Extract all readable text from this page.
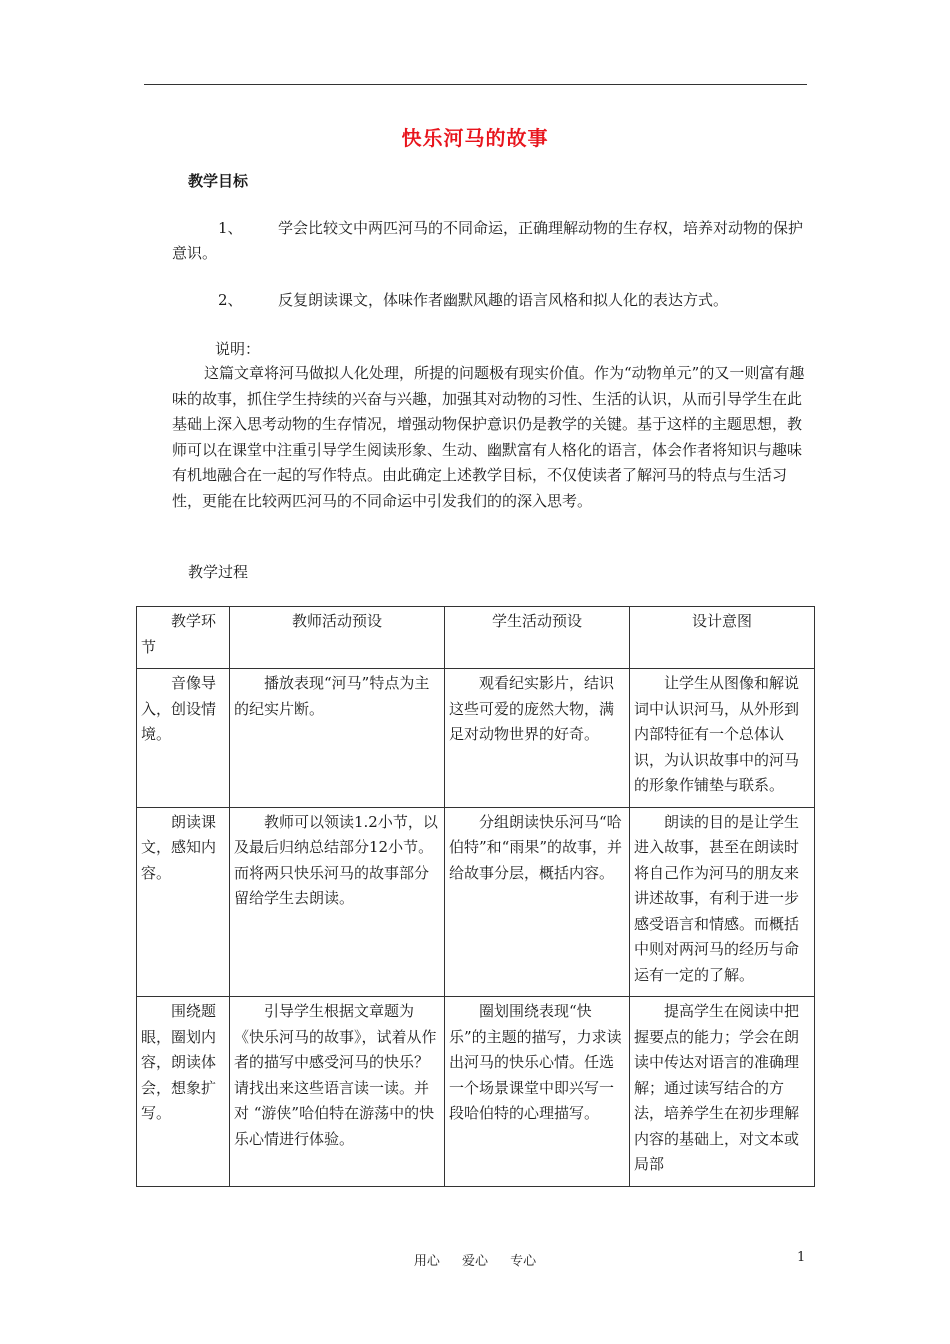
快乐河马的故事
教学目标

1、 学会比较文中两匹河马的不同命运，正确理解动物的生存权，培养对动物的保护意识。

2、 反复朗读课文，体味作者幽默风趣的语言风格和拟人化的表达方式。

说明：

这篇文章将河马做拟人化处理，所提的问题极有现实价值。作为“动物单元”的又一则富有趣味的故事，抓住学生持续的兴奋与兴趣，加强其对动物的习性、生活的认识，从而引导学生在此基础上深入思考动物的生存情况，增强动物保护意识仍是教学的关键。基于这样的主题思想，教师可以在课堂中注重引导学生阅读形象、生动、幽默富有人格化的语言，体会作者将知识与趣味有机地融合在一起的写作特点。由此确定上述教学目标，不仅使读者了解河马的特点与生活习性，更能在比较两匹河马的不同命运中引发我们的的深入思考。

教学过程
教学环节	教师活动预设	学生活动预设	设计意图
音像导入，创设情境。	播放表现“河马”特点为主的纪实片断。	观看纪实影片，结识这些可爱的庞然大物，满足对动物世界的好奇。	让学生从图像和解说词中认识河马，从外形到内部特征有一个总体认识，为认识故事中的河马的形象作铺垫与联系。
朗读课文，感知内容。	教师可以领读1.2小节，以及最后归纳总结部分12小节。而将两只快乐河马的故事部分留给学生去朗读。	分组朗读快乐河马“哈伯特”和“雨果”的故事，并给故事分层，概括内容。	朗读的目的是让学生进入故事，甚至在朗读时将自己作为河马的朋友来讲述故事，有利于进一步感受语言和情感。而概括中则对两河马的经历与命运有一定的了解。
围绕题眼，圈划内容，朗读体会，想象扩写。	引导学生根据文章题为《快乐河马的故事》，试着从作者的描写中感受河马的快乐？请找出来这些语言读一读。并对 “游侠”哈伯特在游荡中的快乐心情进行体验。	圈划围绕表现“快乐”的主题的描写，力求读出河马的快乐心情。任选一个场景课堂中即兴写一段哈伯特的心理描写。	提高学生在阅读中把握要点的能力；学会在朗读中传达对语言的准确理解；通过读写结合的方法，培养学生在初步理解内容的基础上，对文本或局部
用心 爱心 专心	1
